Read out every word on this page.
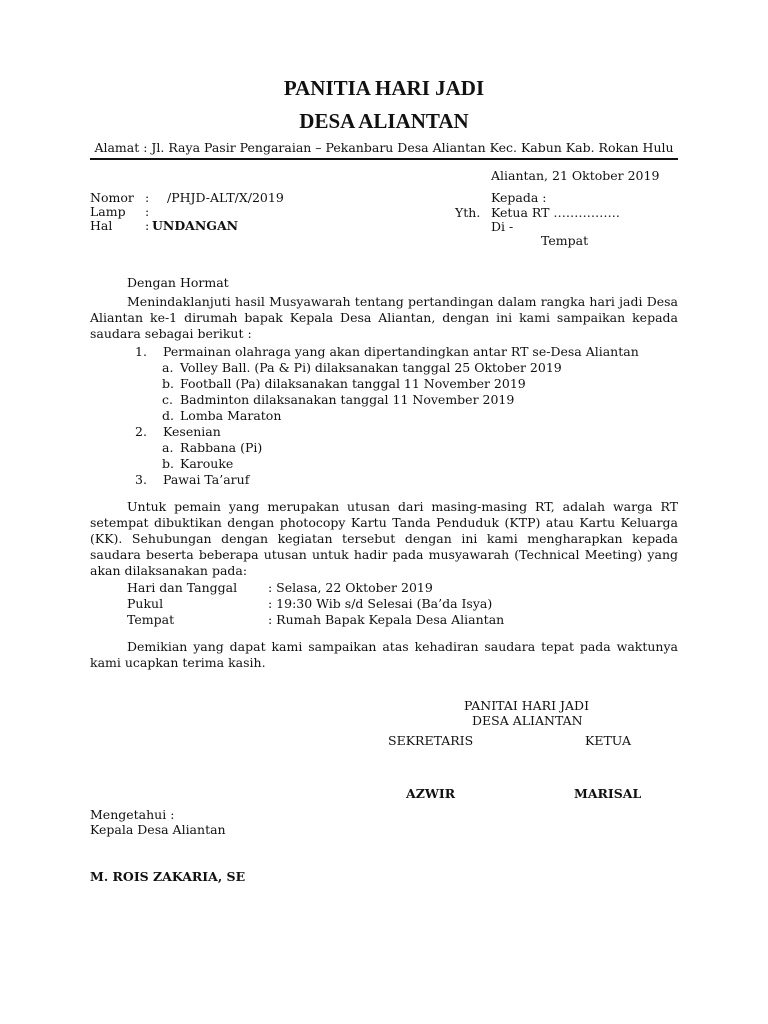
PANITIA HARI JADI
DESA ALIANTAN
Alamat : Jl. Raya Pasir Pengaraian – Pekanbaru Desa Aliantan Kec. Kabun Kab. Rokan Hulu
Aliantan, 21 Oktober 2019
Nomor : /PHJD-ALT/X/2019
Lamp :
Hal	: UNDANGAN
Kepada :
Yth. Ketua RT …………….
Di -
Tempat
Dengan Hormat
Menindaklanjuti hasil Musyawarah tentang pertandingan dalam rangka hari jadi Desa Aliantan ke-1 dirumah bapak Kepala Desa Aliantan, dengan ini kami sampaikan kepada saudara sebagai berikut :
1. Permainan olahraga yang akan dipertandingkan antar RT se-Desa Aliantan
a. Volley Ball. (Pa & Pi) dilaksanakan tanggal 25 Oktober 2019
b. Football (Pa) dilaksanakan tanggal 11 November 2019
c. Badminton dilaksanakan tanggal 11 November 2019
d. Lomba Maraton
2. Kesenian
a. Rabbana (Pi)
b. Karouke
3. Pawai Ta’aruf
Untuk pemain yang merupakan utusan dari masing-masing RT, adalah warga RT setempat dibuktikan dengan photocopy Kartu Tanda Penduduk (KTP) atau Kartu Keluarga (KK). Sehubungan dengan kegiatan tersebut dengan ini kami mengharapkan kepada saudara beserta beberapa utusan untuk hadir pada musyawarah (Technical Meeting) yang akan dilaksanakan pada:
Hari dan Tanggal : Selasa, 22 Oktober 2019
Pukul	: 19:30 Wib s/d Selesai (Ba’da Isya)
Tempat	: Rumah Bapak Kepala Desa Aliantan
Demikian yang dapat kami sampaikan atas kehadiran saudara tepat pada waktunya kami ucapkan terima kasih.
PANITAI HARI JADI
DESA ALIANTAN
SEKRETARIS	KETUA
AZWIR	MARISAL
Mengetahui :
Kepala Desa Aliantan
M. ROIS ZAKARIA, SE
